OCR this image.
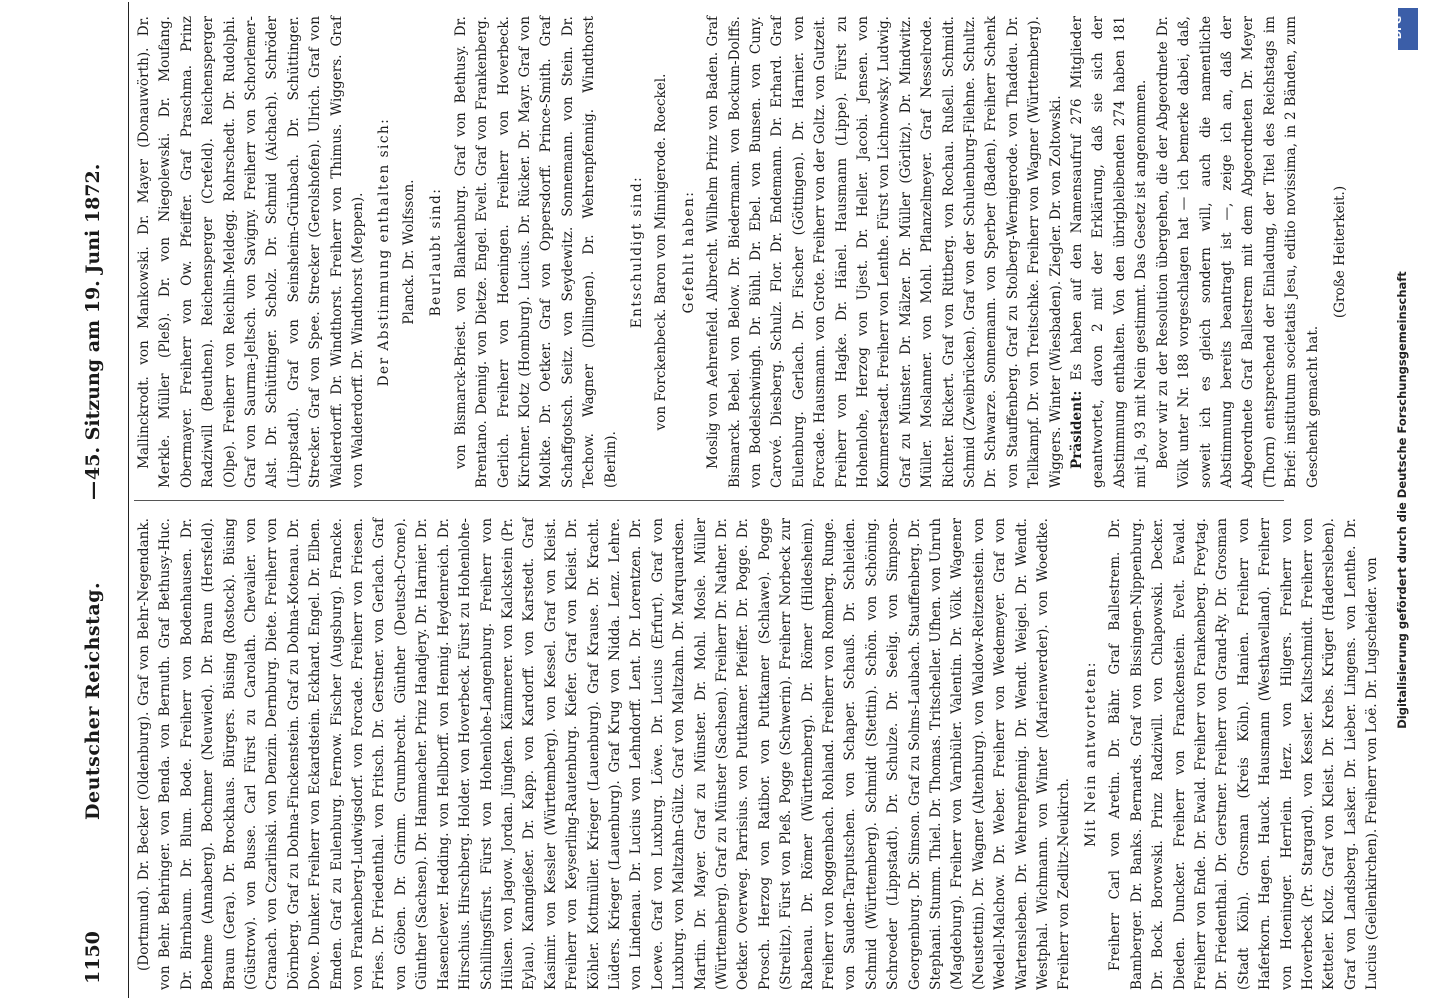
1150
Deutscher Reichstag.
—
45. Sitzung am 19. Juni 1872.

(Dortmund). Dr. Becker (Oldenburg). Graf von Behr-Negendank. von Behr. Behringer. von Benda. von Bernuth. Graf Bethusy-Huc. Dr. Birnbaum. Dr. Blum. Bode. Freiherr von Bodenhausen. Dr. Boehme (Annaberg). Bochmer (Neuwied). Dr. Braun (Hersfeld). Braun (Gera). Dr. Brockhaus. Bürgers. Büsing (Rostock). Büsing (Güstrow). von Busse. Carl Fürst zu Carolath. Chevalier. von Cranach. von Czarlinski. von Denzin. Dernburg. Diete. Freiherr von Dörnberg. Graf zu Dohna-Finckenstein. Graf zu Dohna-Kotenau. Dr. Dove. Dunker. Freiherr von Eckardstein. Eckhard. Engel. Dr. Elben. Emden. Graf zu Eulenburg. Fernow. Fischer (Augsburg). Francke. von Frankenberg-Ludwigsdorf. von Forcade. Freiherr von Friesen. Fries. Dr. Friedenthal. von Fritsch. Dr. Gerstner. von Gerlach. Graf von Göben. Dr. Grimm. Grumbrecht. Günther (Deutsch-Crone). Günther (Sachsen). Dr. Hammacher. Prinz Handjery. Dr. Harnier. Dr. Hasenclever. Hedding. von Hellborff. von Hennig. Heydenreich. Dr. Hirschius. Hirschberg. Holder. von Hoverbeck. Fürst zu Hohenlohe-Schillingsfürst. Fürst von Hohenlohe-Langenburg. Freiherr von Hülsen. von Jagow. Jordan. Jüngken. Kämmerer. von Kalckstein (Pr. Eylau). Kanngießer. Dr. Kapp. von Kardorff. von Karstedt. Graf Kasimir. von Kessler (Württemberg). von Kessel. Graf von Kleist. Freiherr von Keyserling-Rautenburg. Kiefer. Graf von Kleist. Dr. Köhler. Kottmüller. Krieger (Lauenburg). Graf Krause. Dr. Kracht. Lüders. Krieger (Lauenburg). Graf Krug von Nidda. Lenz. Lehre. von Lindenau. Dr. Lucius von Lehndorff. Lent. Dr. Lorentzen. Dr. Loewe. Graf von Luxburg. Löwe. Dr. Lucius (Erfurt). Graf von Luxburg. von Maltzahn-Gültz. Graf von Maltzahn. Dr. Marquardsen. Martin. Dr. Mayer. Graf zu Münster. Dr. Mohl. Mosle. Müller (Württemberg). Graf zu Münster (Sachsen). Freiherr Dr. Nather. Dr. Oetker. Overweg. Parrisius. von Puttkamer. Pfeiffer. Dr. Pogge. Dr. Prosch. Herzog von Ratibor. von Puttkamer (Schlawe). Pogge (Strelitz). Fürst von Pleß. Pogge (Schwerin). Freiherr Norbeck zur Rabenau. Dr. Römer (Württemberg). Dr. Römer (Hildesheim). Freiherr von Roggenbach. Rohland. Freiherr von Romberg. Runge. von Sauden-Tarputschen. von Schaper. Schauß. Dr. Schleiden. Schmid (Württemberg). Schmidt (Stettin). Schön. von Schöning. Schroeder (Lippstadt). Dr. Schulze. Dr. Seelig. von Simpson-Georgenburg. Dr. Simson. Graf zu Solms-Laubach. Stauffenberg. Dr. Stephani. Stumm. Thiel. Dr. Thomas. Tritscheller. Ufhen. von Unruh (Magdeburg). Freiherr von Varnbüler. Valentin. Dr. Völk. Wagener (Neustettin). Dr. Wagner (Altenburg). von Waldow-Reitzenstein. von Wedell-Malchow. Dr. Weber. Freiherr von Wedemeyer. Graf von Wartensleben. Dr. Wehrenpfennig. Dr. Wendt. Weigel. Dr. Wendt. Westphal. Wichmann. von Winter (Marienwerder). von Woedtke. Freiherr von Zedlitz-Neukirch.

Mit Nein antworteten: Freiherr Carl von Aretin. Dr. Bähr. Graf Ballestrem. Dr. Bamberger. Dr. Banks. Bernards. Graf von Bissingen-Nippenburg. Dr. Bock. Borowski. Prinz Radziwill. von Chlapowski. Decker. Dieden. Duncker. Freiherr von Franckenstein. Evelt. Ewald. Freiherr von Ende. Dr. Ewald. Freiherr von Frankenberg. Freytag. Dr. Friedenthal. Dr. Gerstner. Freiherr von Grand-Ry. Dr. Grosman (Stadt Köln). Grosman (Kreis Köln). Hanien. Freiherr von Haferkorn. Hagen. Hauck. Hausmann (Westhavelland). Freiherr von Hoeninger. Herrlein. Herz. von Hilgers. Freiherr von Hoverbeck (Pr. Stargard). von Kessler. Kaltschmidt. Freiherr von Ketteler. Klotz. Graf von Kleist. Dr. Krebs. Krüger (Hadersleben). Graf von Landsberg. Lasker. Dr. Lieber. Lingens. von Lenthe. Dr. Lucius (Geilenkirchen). Freiherr von Loë. Dr. Lugscheider. von

Mallinckrodt. von Mankowski. Dr. Mayer (Donauwörth). Dr. Merkle. Müller (Pleß). Dr. von Niegolewski. Dr. Moufang. Obermayer. Freiherr von Ow. Pfeiffer. Graf Praschma. Prinz Radziwill (Beuthen). Reichensperger (Crefeld). Reichensperger (Olpe). Freiherr von Reichlin-Meldegg. Rohrschedt. Dr. Rudolphi. Graf von Saurma-Jeltsch. von Savigny. Freiherr von Schorlemer-Alst. Dr. Schüttinger. Scholz. Dr. Schmid (Aichach). Schröder (Lippstadt). Graf von Seinsheim-Grünbach. Dr. Schüttinger. Strecker. Graf von Spee. Strecker (Gerolshofen). Ulrich. Graf von Walderdorff. Dr. Windthorst. Freiherr von Thimus. Wiggers. Graf von Walderdorff. Dr. Windthorst (Meppen). Der Abstimmung enthalten sich: Planck. Dr. Wolfsson. Beurlaubt sind: von Bismarck-Briest. von Blankenburg. Graf von Bethusy. Dr. Brentano. Dennig. von Dietze. Engel. Evelt. Graf von Frankenberg. Gerlich. Freiherr von Hoeningen. Freiherr von Hoverbeck. Kirchner. Klotz (Homburg). Lucius. Dr. Rücker. Dr. Mayr. Graf von Moltke. Dr. Oetker. Graf von Oppersdorff. Prince-Smith. Graf Schaffgotsch. Seitz. von Seydewitz. Sonnemann. von Stein. Dr. Techow. Wagner (Dillingen). Dr. Wehrenpfennig. Windthorst (Berlin).

Entschuldigt sind: von Forckenbeck. Baron von Minnigerode. Roeckel. Gefehlt haben: Moslig von Aehrenfeld. Albrecht. Wilhelm Prinz von Baden. Graf Bismarck. Bebel. von Below. Dr. Biedermann. von Bockum-Dolffs. von Bodelschwingh. Dr. Bühl. Dr. Ebel. von Bunsen. von Cuny. Carové. Diesberg. Schulz. Flor. Dr. Endemann. Dr. Erhard. Graf Eulenburg. Gerlach. Dr. Fischer (Göttingen). Dr. Harnier. von Forcade. Hausmann. von Grote. Freiherr von der Goltz. von Gutzeit. Freiherr von Hagke. Dr. Hänel. Hausmann (Lippe). Fürst zu Hohenlohe, Herzog von Ujest. Dr. Heller. Jacobi. Jensen. von Kommerstaedt. Freiherr von Lenthe. Fürst von Lichnowsky. Ludwig. Graf zu Münster. Dr. Mälzer. Dr. Müller (Görlitz). Dr. Mindwitz. Müller. Moslanner. von Mohl. Pflanzelmeyer. Graf Nesselrode. Richter. Rickert. Graf von Rittberg. von Rochau. Rußell. Schmidt. Schmid (Zweibrücken). Graf von der Schulenburg-Filehne. Schultz. Dr. Schwarze. Sonnemann. von Sperber (Baden). Freiherr Schenk von Stauffenberg. Graf zu Stolberg-Wernigerode. von Thaddeu. Dr. Tellkampf. Dr. von Treitschke. Freiherr von Wagner (Württemberg). Wiggers. Winter (Wiesbaden). Ziegler. Dr. von Zoltowski. Präsident: Es haben auf den Namensaufruf 276 Mitglieder geantwortet, davon 2 mit der Erklärung, daß sie sich der Abstimmung enthalten. Von den übrigbleibenden 274 haben 181 mit Ja, 93 mit Nein gestimmt. Das Gesetz ist angenommen. Bevor wir zu der Resolution übergehen, die der Abgeordnete Dr. Völk unter Nr. 188 vorgeschlagen hat — ich bemerke dabei, daß, soweit ich es gleich sondern will, auch die namentliche Abstimmung bereits beantragt ist —, zeige ich an, daß der Abgeordnete Graf Ballestrem mit dem Abgeordneten Dr. Meyer (Thorn) entsprechend der Einladung, der Titel des Reichstags im Brief: institutum societatis Jesu, editio novissima, in 2 Bänden, zum Geschenk gemacht hat.

(Große Heiterkeit.)

DFG
Digitalisierung gefördert durch die Deutsche Forschungsgemeinschaft
